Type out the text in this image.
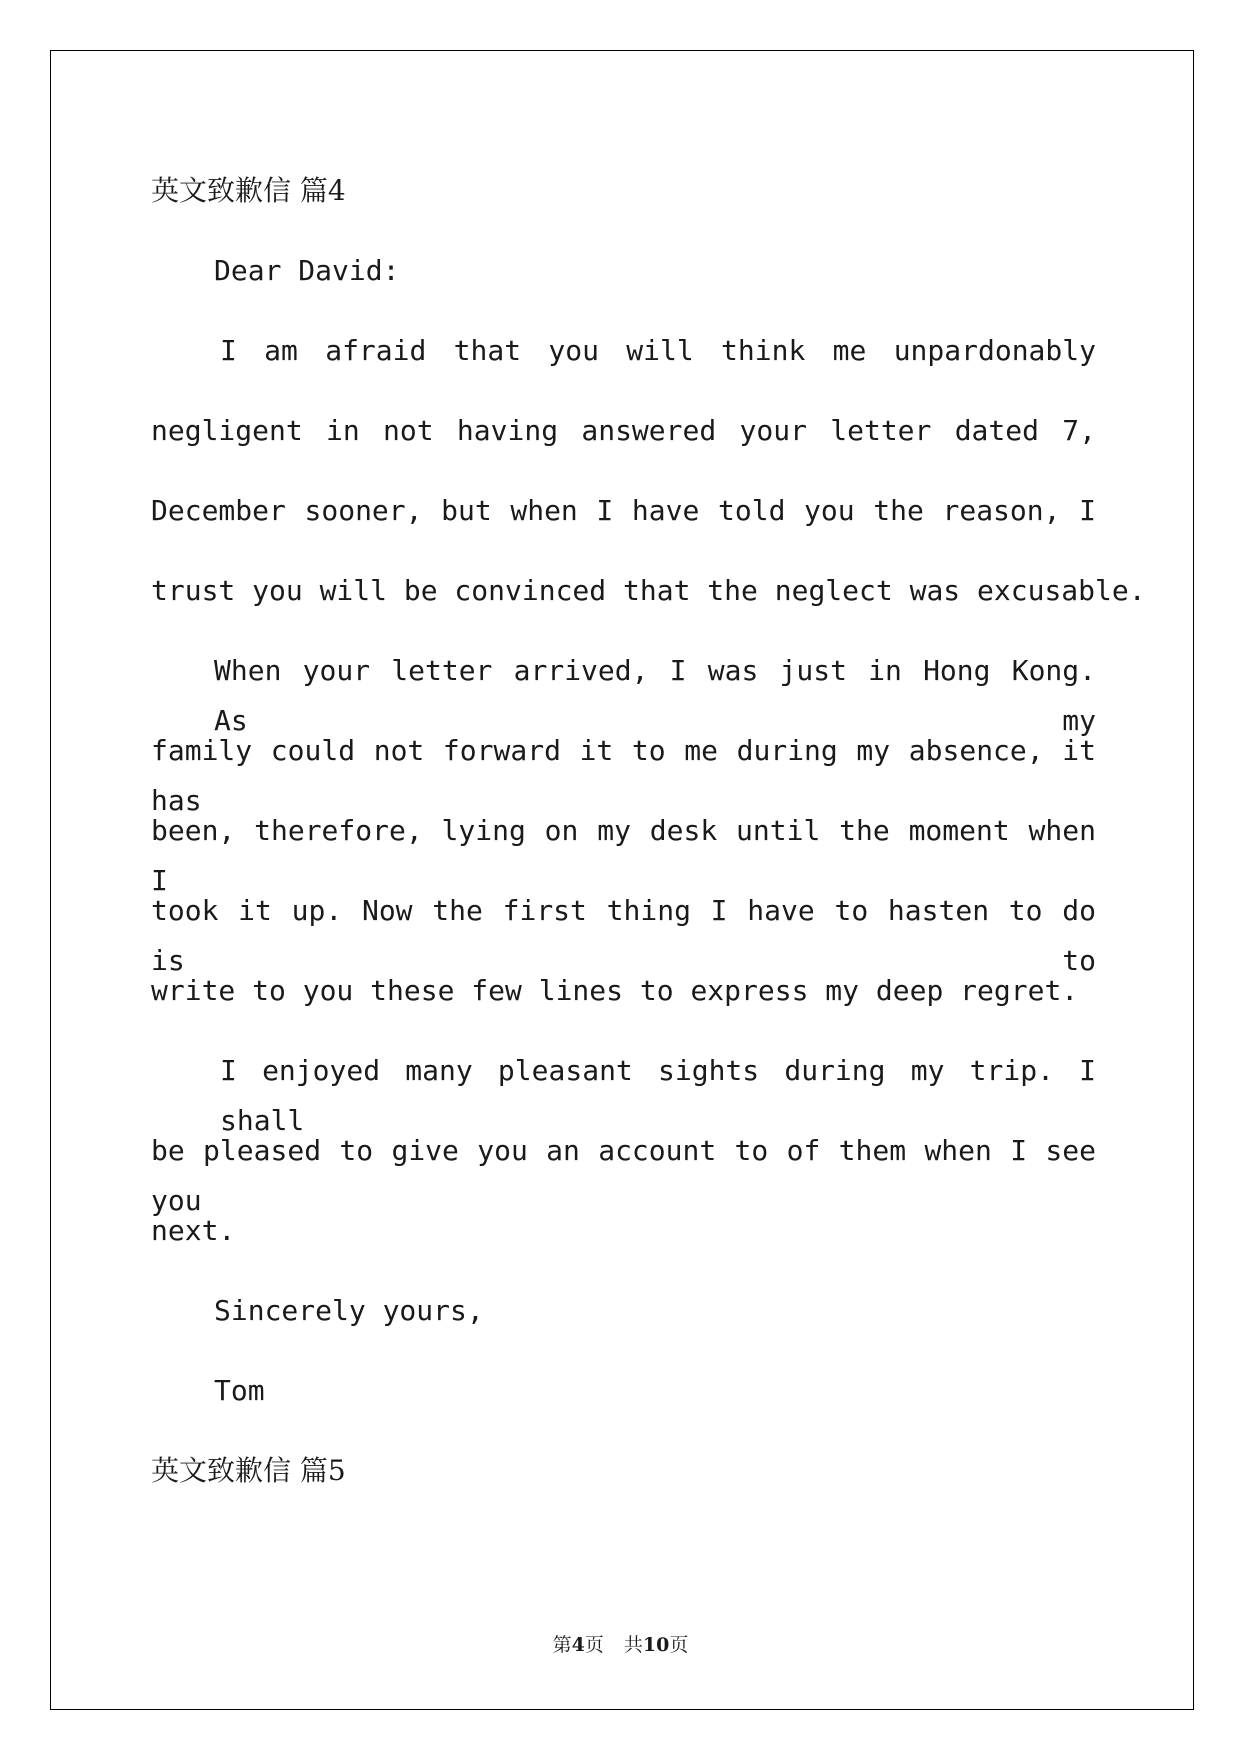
英文致歉信 篇4
Dear David:
I am afraid that you will think me unpardonably
negligent in not having answered your letter dated 7,
December sooner, but when I have told you the reason, I
trust you will be convinced that the neglect was excusable.
When your letter arrived, I was just in Hong Kong. As my
family could not forward it to me during my absence, it has
been, therefore, lying on my desk until the moment when I
took it up. Now the first thing I have to hasten to do is to
write to you these few lines to express my deep regret.
I enjoyed many pleasant sights during my trip. I shall
be pleased to give you an account to of them when I see you
next.
Sincerely yours,
Tom
英文致歉信 篇5
第4页 共10页
